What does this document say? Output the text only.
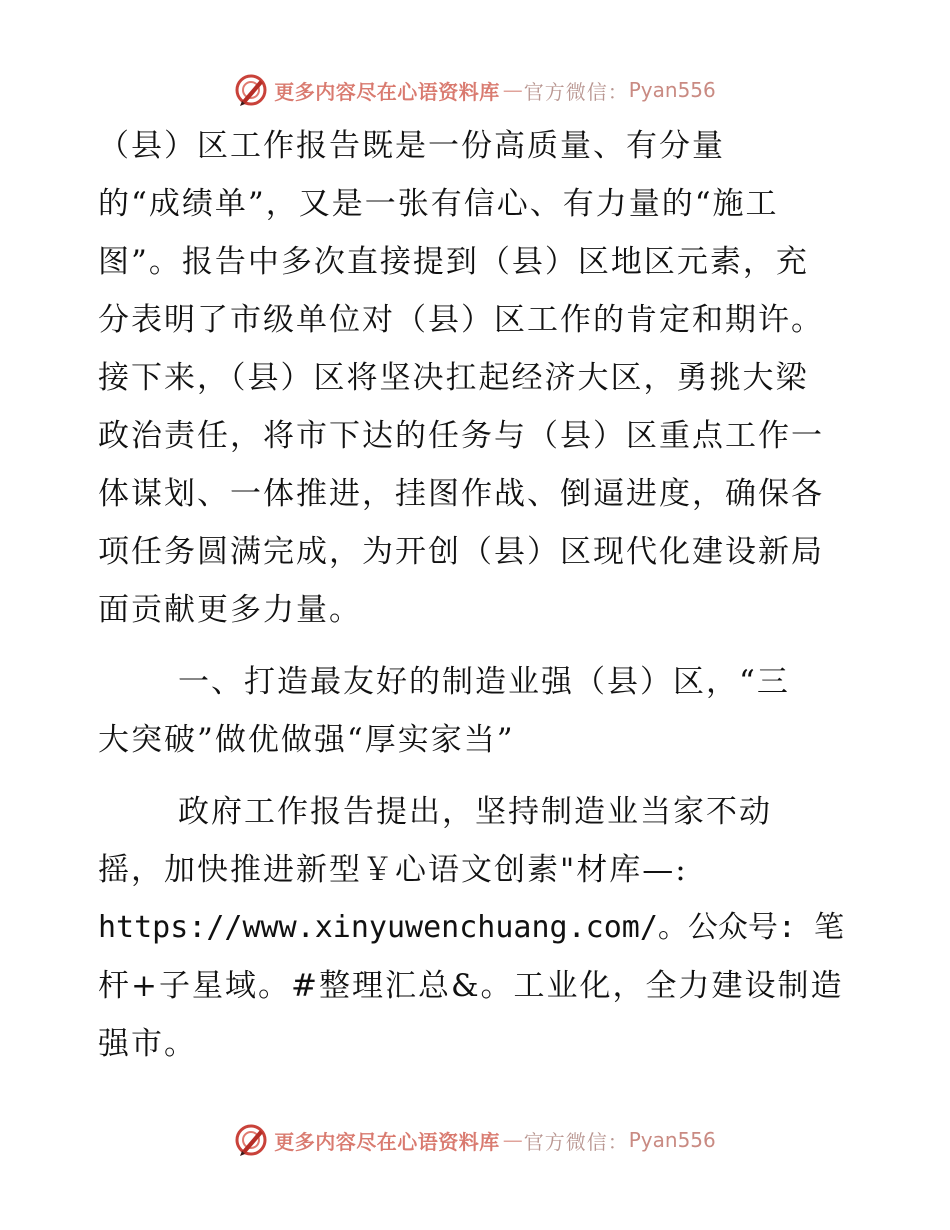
更多内容尽在心语资料库 — 官方微信： Pyan556
（县）区工作报告既是一份高质量、有分量
的“成绩单”，又是一张有信心、有力量的“施工
图”。报告中多次直接提到（县）区地区元素，充
分表明了市级单位对（县）区工作的肯定和期许。
接下来，（县）区将坚决扛起经济大区，勇挑大梁
政治责任，将市下达的任务与（县）区重点工作一
体谋划、一体推进，挂图作战、倒逼进度，确保各
项任务圆满完成，为开创（县）区现代化建设新局
面贡献更多力量。
一、打造最友好的制造业强（县）区，“三
大突破”做优做强“厚实家当”
政府工作报告提出，坚持制造业当家不动
摇，加快推进新型￥心语文创素"材库—:
https://www.xinyuwenchuang.com/。公众号: 笔
杆+子星域。#整理汇总&。工业化，全力建设制造
强市。
更多内容尽在心语资料库 — 官方微信： Pyan556
